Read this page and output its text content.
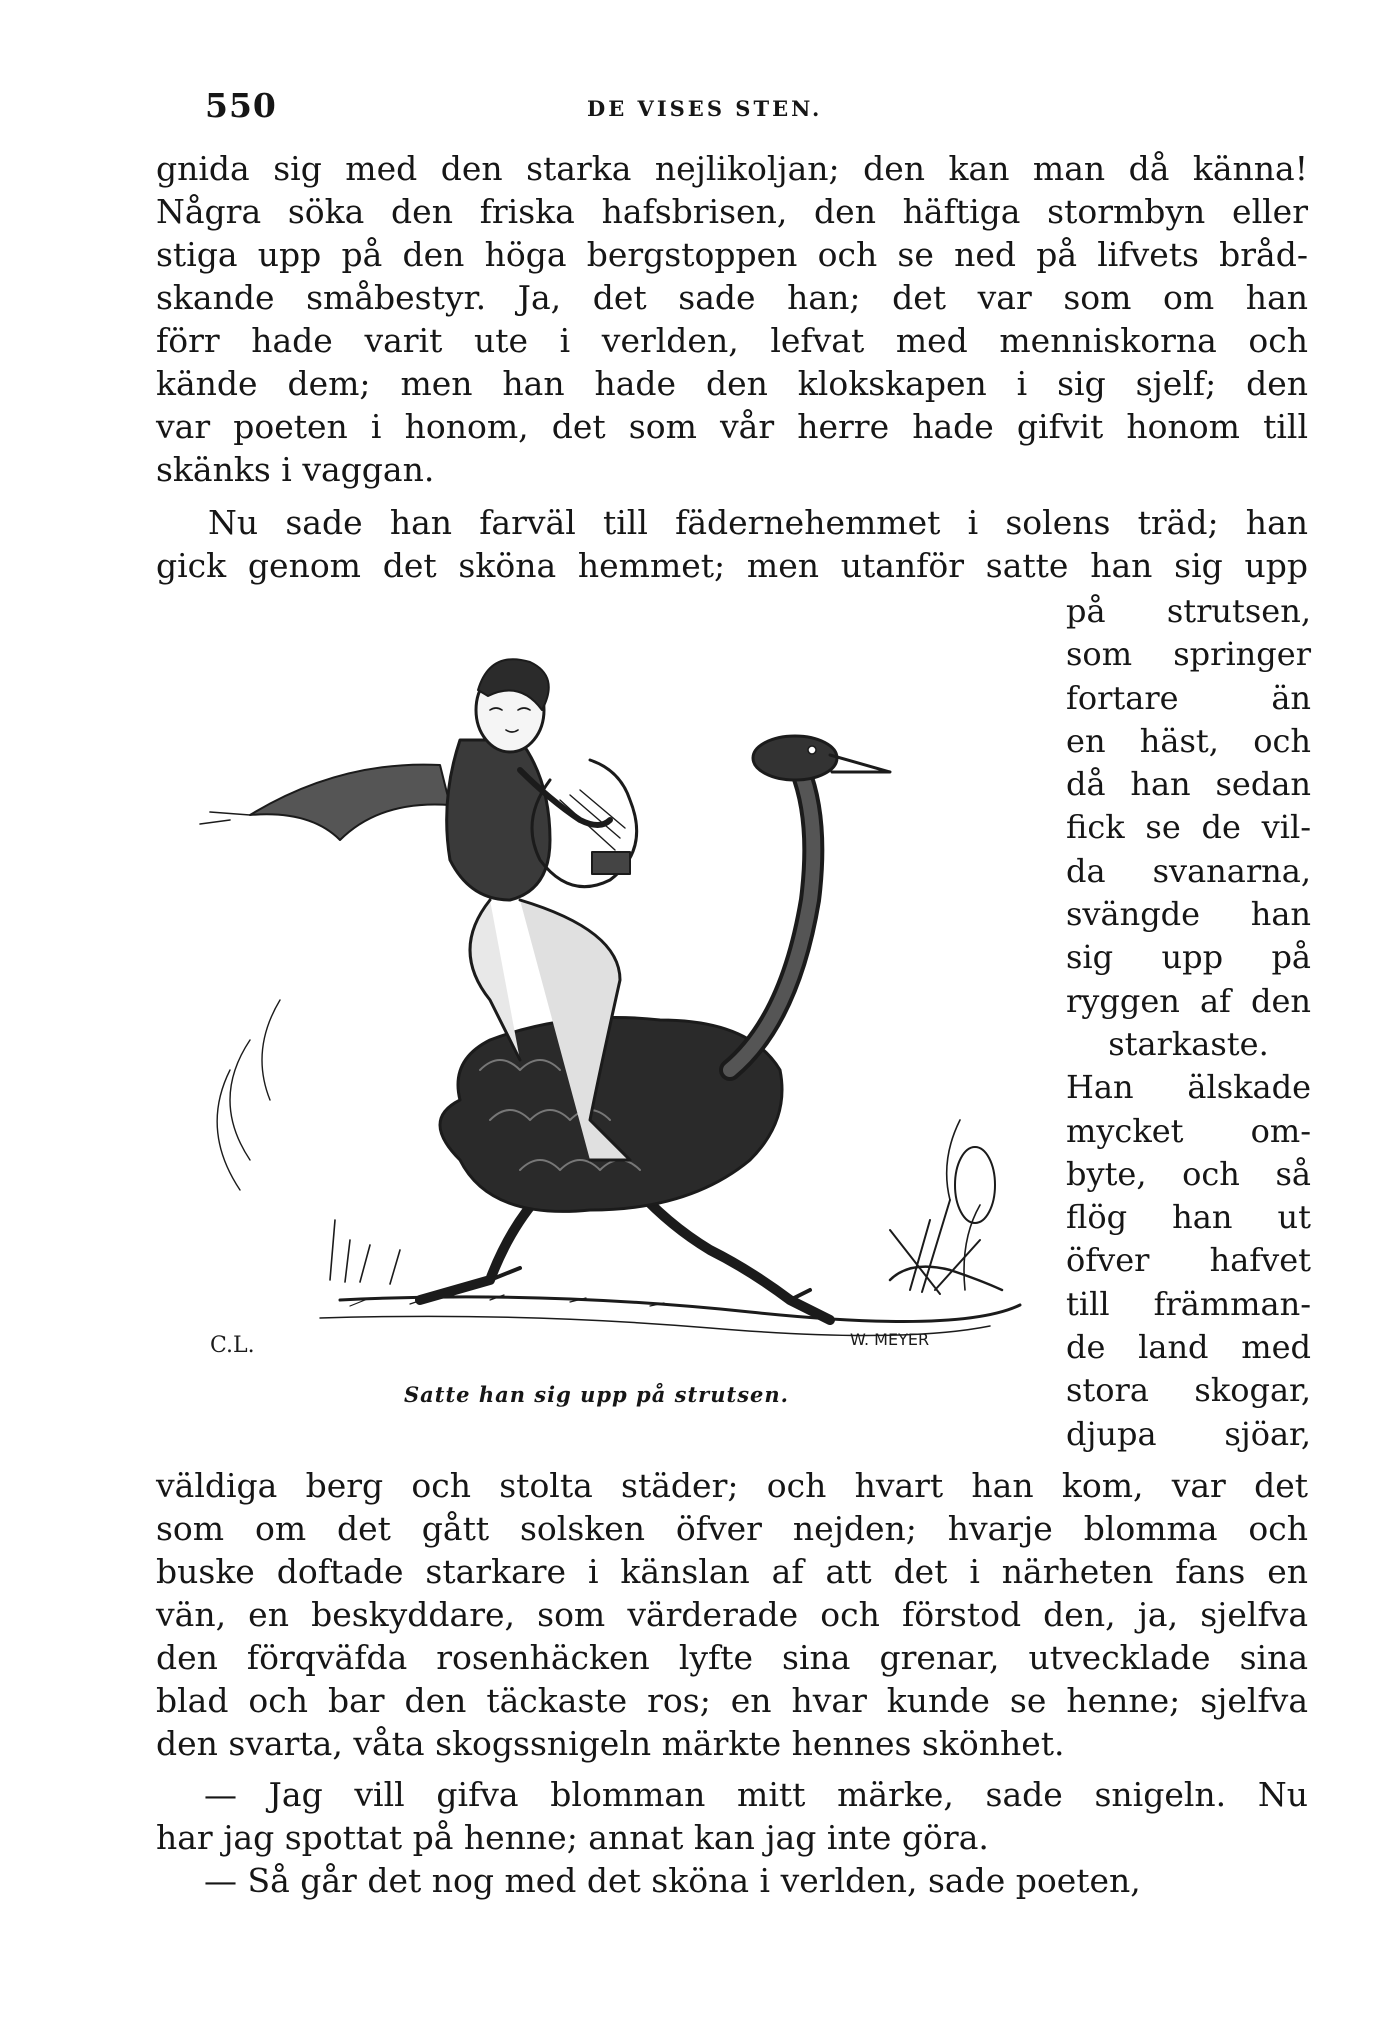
550	DE VISES STEN.
gnida sig med den starka nejlikoljan; den kan man då känna!
Några söka den friska hafsbrisen, den häftiga stormbyn eller
stiga upp på den höga bergstoppen och se ned på lifvets bråd-
skande småbestyr. Ja, det sade han; det var som om han
förr hade varit ute i verlden, lefvat med menniskorna och
kände dem; men han hade den klokskapen i sig sjelf; den
var poeten i honom, det som vår herre hade gifvit honom till
skänks i vaggan.
Nu sade han farväl till fädernehemmet i solens träd; han
gick genom det sköna hemmet; men utanför satte han sig upp
på strutsen,
som springer
fortare än
en häst, och
då han sedan
fick se de vil-
da svanarna,
svängde han
sig upp på
ryggen af den
starkaste.
Han älskade
mycket om-
byte, och så
flög han ut
öfver hafvet
till främman-
de land med
stora skogar,
djupa sjöar,
C.L.	W. MEYER
Satte han sig upp på strutsen.
väldiga berg och stolta städer; och hvart han kom, var det
som om det gått solsken öfver nejden; hvarje blomma och
buske doftade starkare i känslan af att det i närheten fans en
vän, en beskyddare, som värderade och förstod den, ja, sjelfva
den förqväfda rosenhäcken lyfte sina grenar, utvecklade sina
blad och bar den täckaste ros; en hvar kunde se henne; sjelfva
den svarta, våta skogssnigeln märkte hennes skönhet.
— Jag vill gifva blomman mitt märke, sade snigeln. Nu
har jag spottat på henne; annat kan jag inte göra.
— Så går det nog med det sköna i verlden, sade poeten,
